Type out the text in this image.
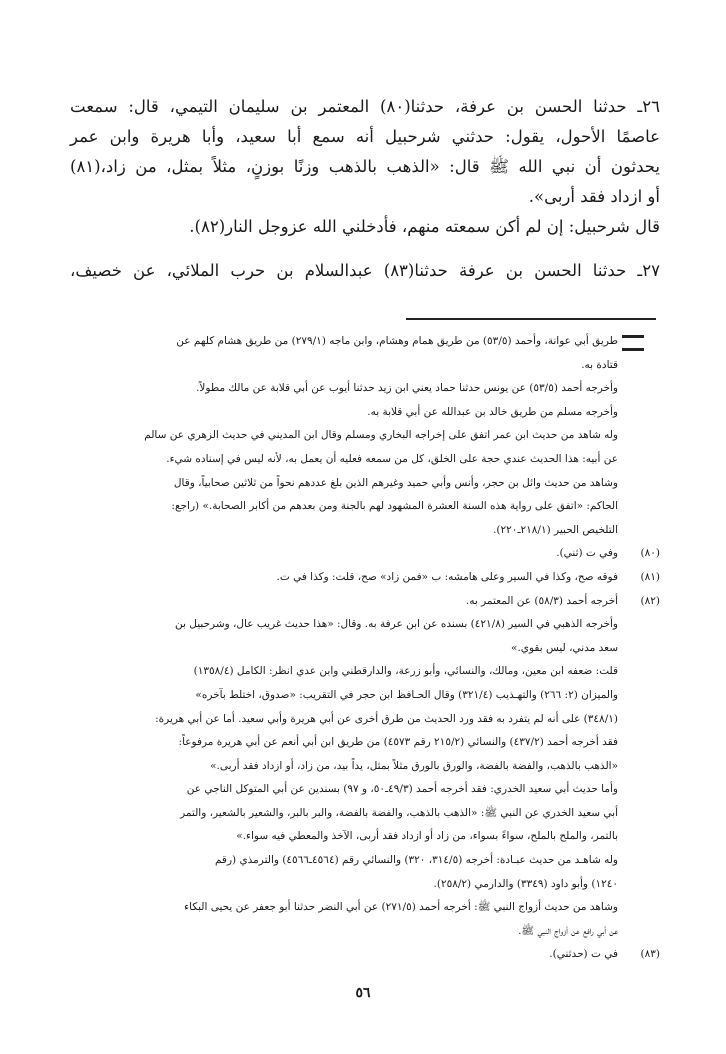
٢٦ـ حدثنا الحسن بن عرفة، حدثنا(٨٠) المعتمر بن سليمان التيمي، قال: سمعت
عاصمًا الأحول، يقول: حدثني شرحبيل أنه سمع أبا سعيد، وأبا هريرة وابن عمر
يحدثون أن نبي الله ﷺ قال: «الذهب بالذهب وزنًا بوزنٍ، مثلاً بمثل، من زاد،(٨١)
أو ازداد فقد أربى».
قال شرحبيل: إن لم أكن سمعته منهم، فأدخلني الله عزوجل النار(٨٢).
٢٧ـ حدثنا الحسن بن عرفة حدثنا(٨٣) عبدالسلام بن حرب الملائي، عن خصيف،
طريق أبي عوانة، وأحمد (٥٣/٥) من طريق همام وهشام، وابن ماجه (٢٧٩/١) من طريق هشام كلهم عن
قتادة به.
وأخرجه أحمد (٥٣/٥) عن يونس حدثنا حماد يعني ابن زيد حدثنا أيوب عن أبي قلابة عن مالك مطولاً.
وأخرجه مسلم من طريق خالد بن عبدالله عن أبي قلابة به.
وله شاهد من حديث ابن عمر اتفق على إخراجه البخاري ومسلم وقال ابن المديني في حديث الزهري عن سالم
عن أبيه: هذا الحديث عندي حجة على الخلق، كل من سمعه فعليه أن يعمل به، لأنه ليس في إسناده شيء.
وشاهد من حديث وائل بن حجر، وأنس وأبي حميد وغيرهم الذين بلغ عددهم نحواً من ثلاثين صحابياً، وقال
الحاكم: «اتفق على رواية هذه السنة العشرة المشهود لهم بالجنة ومن بعدهم من أكابر الصحابة.» (راجع:
التلخيص الحبير (٢١٨/١ـ٢٢٠).
(٨٠)
وفي ت (ثني).
(٨١)
فوقه صح، وكذا في السير وعلى هامشه: ب «فمن زاد» صح، قلت: وكذا في ت.
(٨٢)
أخرجه أحمد (٥٨/٣) عن المعتمر به.
وأخرجه الذهبي في السير (٤٢١/٨) بسنده عن ابن عرفة به. وقال: «هذا حديث غريب عال، وشرحبيل بن
سعد مدني، ليس بقوي.»
قلت: ضعفه ابن معين، ومالك، والنسائي، وأبو زرعة، والدارقطني وابن عدي انظر: الكامل (١٣٥٨/٤)
والميزان (٢: ٢٦٦) والتهـذيب (٣٢١/٤) وقال الحـافظ ابن حجر في التقريب: «صدوق، اختلط بآخره»
(٣٤٨/١) على أنه لم يتفرد به فقد ورد الحديث من طرق أخرى عن أبي هريرة وأبي سعيد. أما عن أبي هريرة:
فقد أخرجه أحمد (٤٣٧/٢) والنسائي (٢١٥/٢ رقم ٤٥٧٣) من طريق ابن أبي أنعم عن أبي هريرة مرفوعاً:
«الذهب بالذهب، والفضة بالفضة، والورق بالورق مثلاً بمثل، يداً بيد، من زاد، أو ازداد فقد أربى.»
وأما حديث أبي سعيد الخدري: فقد أخرجه أحمد (٤٩/٣ـ٥٠، و ٩٧) بسندين عن أبي المتوكل الناجي عن
أبي سعيد الخدري عن النبي ﷺ: «الذهب بالذهب، والفضة بالفضة، والبر بالبر، والشعير بالشعير، والتمر
بالتمر، والملح بالملح، سواءً بسواء، من زاد أو ازداد فقد أربى، الآخذ والمعطي فيه سواء.»
وله شاهـد من حديث عبـادة: أخرجه (٣١٤/٥، ٣٢٠) والنسائي رقم (٤٥٦٤ـ٤٥٦٦) والترمذي (رقم
١٢٤٠) وأبو داود (٣٣٤٩) والدارمي (٢٥٨/٢).
وشاهد من حديث أزواج النبي ﷺ: أخرجه أحمد (٢٧١/٥) عن أبي النضر حدثنا أبو جعفر عن يحيى البكاء
عن أبي رافع عن أزواج النبي ﷺ.
(٨٣)
في ت (حدثني).
٥٦
